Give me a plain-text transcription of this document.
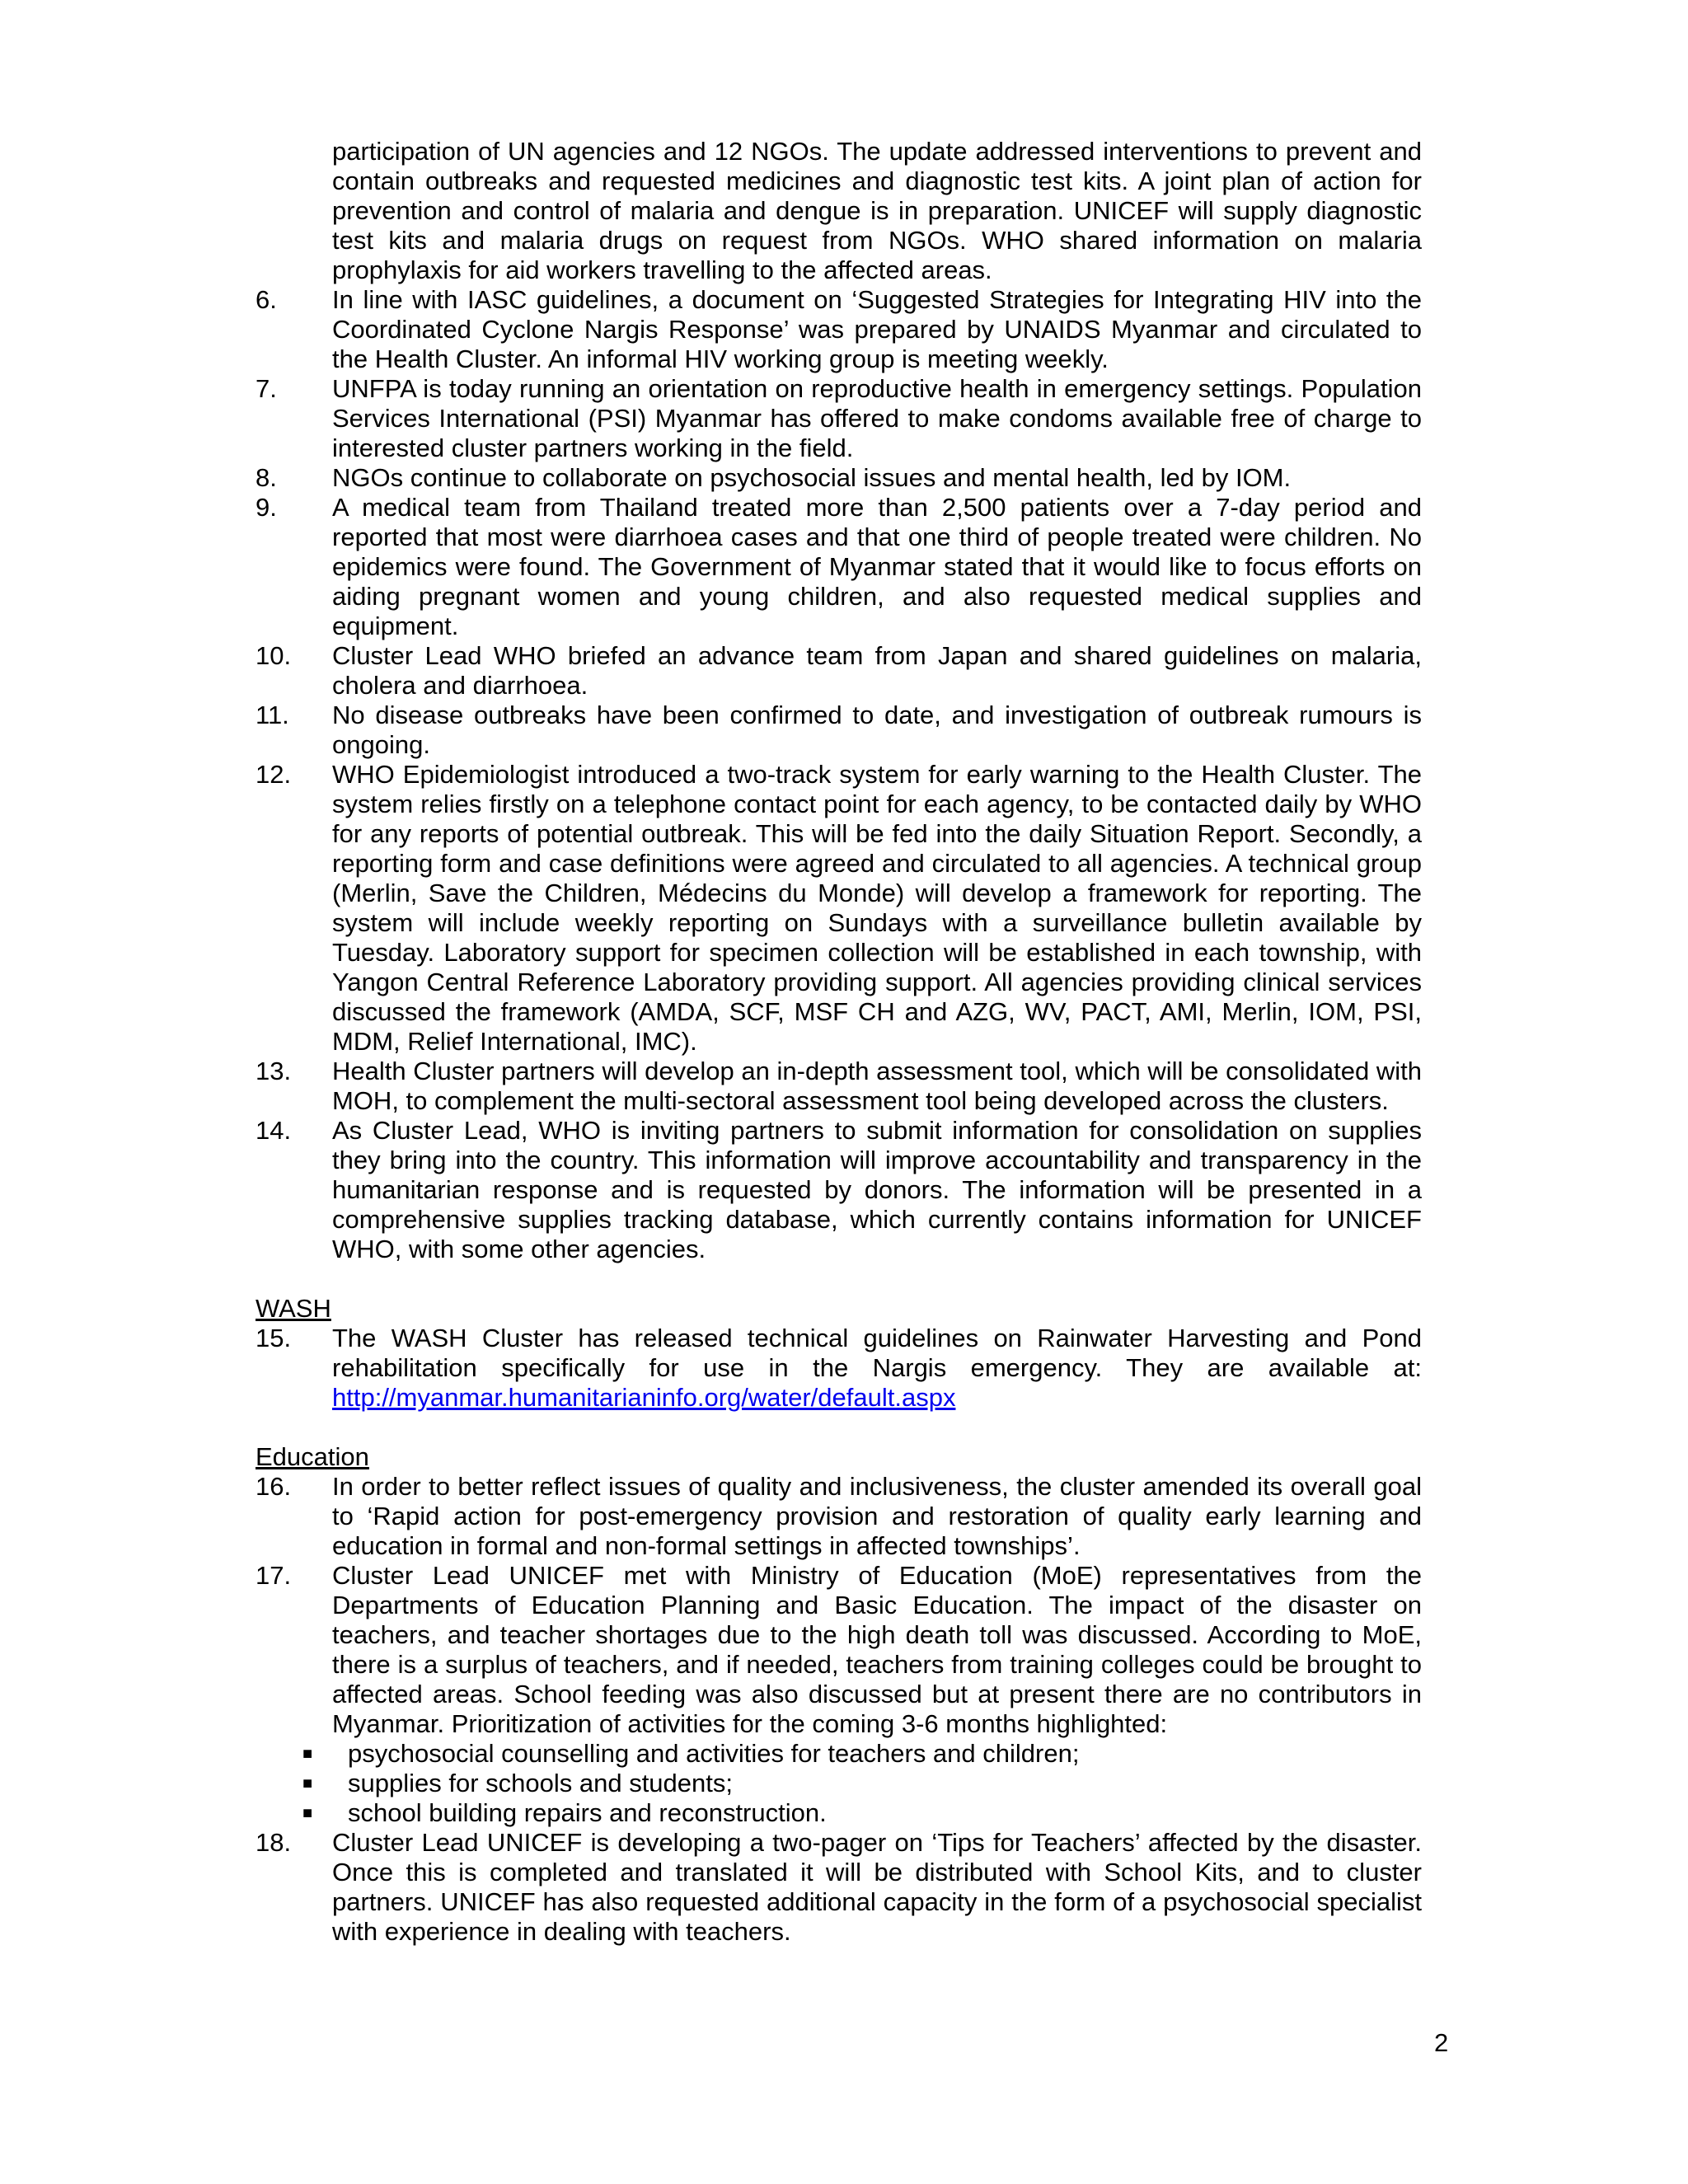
participation of UN agencies and 12 NGOs. The update addressed interventions to prevent and contain outbreaks and requested medicines and diagnostic test kits. A joint plan of action for prevention and control of malaria and dengue is in preparation. UNICEF will supply diagnostic test kits and malaria drugs on request from NGOs. WHO shared information on malaria prophylaxis for aid workers travelling to the affected areas.

6.	In line with IASC guidelines, a document on ‘Suggested Strategies for Integrating HIV into the Coordinated Cyclone Nargis Response’ was prepared by UNAIDS Myanmar and circulated to the Health Cluster. An informal HIV working group is meeting weekly.

7.	UNFPA is today running an orientation on reproductive health in emergency settings. Population Services International (PSI) Myanmar has offered to make condoms available free of charge to interested cluster partners working in the field.

8.	NGOs continue to collaborate on psychosocial issues and mental health, led by IOM.

9.	A medical team from Thailand treated more than 2,500 patients over a 7-day period and reported that most were diarrhoea cases and that one third of people treated were children. No epidemics were found. The Government of Myanmar stated that it would like to focus efforts on aiding pregnant women and young children, and also requested medical supplies and equipment.

10.	Cluster Lead WHO briefed an advance team from Japan and shared guidelines on malaria, cholera and diarrhoea.

11.	No disease outbreaks have been confirmed to date, and investigation of outbreak rumours is ongoing.

12.	WHO Epidemiologist introduced a two-track system for early warning to the Health Cluster. The system relies firstly on a telephone contact point for each agency, to be contacted daily by WHO for any reports of potential outbreak. This will be fed into the daily Situation Report. Secondly, a reporting form and case definitions were agreed and circulated to all agencies. A technical group (Merlin, Save the Children, Médecins du Monde) will develop a framework for reporting. The system will include weekly reporting on Sundays with a surveillance bulletin available by Tuesday. Laboratory support for specimen collection will be established in each township, with Yangon Central Reference Laboratory providing support. All agencies providing clinical services discussed the framework (AMDA, SCF, MSF CH and AZG, WV, PACT, AMI, Merlin, IOM, PSI, MDM, Relief International, IMC).

13.	Health Cluster partners will develop an in-depth assessment tool, which will be consolidated with MOH, to complement the multi-sectoral assessment tool being developed across the clusters.

14.	As Cluster Lead, WHO is inviting partners to submit information for consolidation on supplies they bring into the country. This information will improve accountability and transparency in the humanitarian response and is requested by donors. The information will be presented in a comprehensive supplies tracking database, which currently contains information for UNICEF WHO, with some other agencies.

WASH

15.	The WASH Cluster has released technical guidelines on Rainwater Harvesting and Pond rehabilitation specifically for use in the Nargis emergency. They are available at: http://myanmar.humanitarianinfo.org/water/default.aspx

Education

16.	In order to better reflect issues of quality and inclusiveness, the cluster amended its overall goal to ‘Rapid action for post-emergency provision and restoration of quality early learning and education in formal and non-formal settings in affected townships’.

17.	Cluster Lead UNICEF met with Ministry of Education (MoE) representatives from the Departments of Education Planning and Basic Education. The impact of the disaster on teachers, and teacher shortages due to the high death toll was discussed. According to MoE, there is a surplus of teachers, and if needed, teachers from training colleges could be brought to affected areas. School feeding was also discussed but at present there are no contributors in Myanmar. Prioritization of activities for the coming 3-6 months highlighted:

■ psychosocial counselling and activities for teachers and children;

■ supplies for schools and students;

■ school building repairs and reconstruction.

18.	Cluster Lead UNICEF is developing a two-pager on ‘Tips for Teachers’ affected by the disaster. Once this is completed and translated it will be distributed with School Kits, and to cluster partners. UNICEF has also requested additional capacity in the form of a psychosocial specialist with experience in dealing with teachers.

2
